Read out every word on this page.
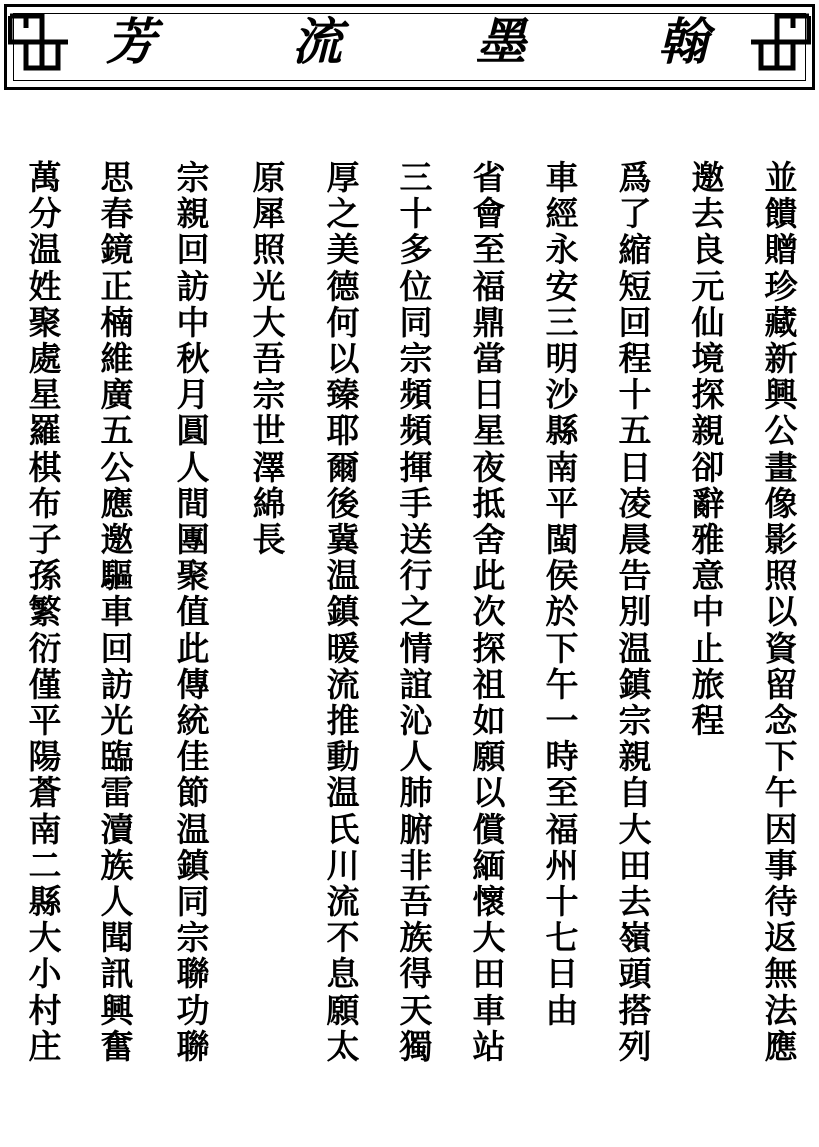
芳	流	墨	翰
並饋贈珍藏新興公畫像影照以資留念下午因事待返無法應
邀去良元仙境探親卻辭雅意中止旅程
爲了縮短回程十五日凌晨告別温鎮宗親自大田去嶺頭搭列
車經永安三明沙縣南平閩侯於下午一時至福州十七日由
省會至福鼎當日星夜抵舍此次探祖如願以償緬懷大田車站
三十多位同宗頻頻揮手送行之情誼沁人肺腑非吾族得天獨
厚之美德何以臻耶爾後冀温鎮暖流推動温氏川流不息願太
原犀照光大吾宗世澤綿長
宗親回訪中秋月圓人間團聚值此傳統佳節温鎮同宗聯功聯
思春鏡正楠維廣五公應邀驅車回訪光臨雷瀆族人聞訊興奮
萬分温姓聚處星羅棋布子孫繁衍僅平陽蒼南二縣大小村庄
